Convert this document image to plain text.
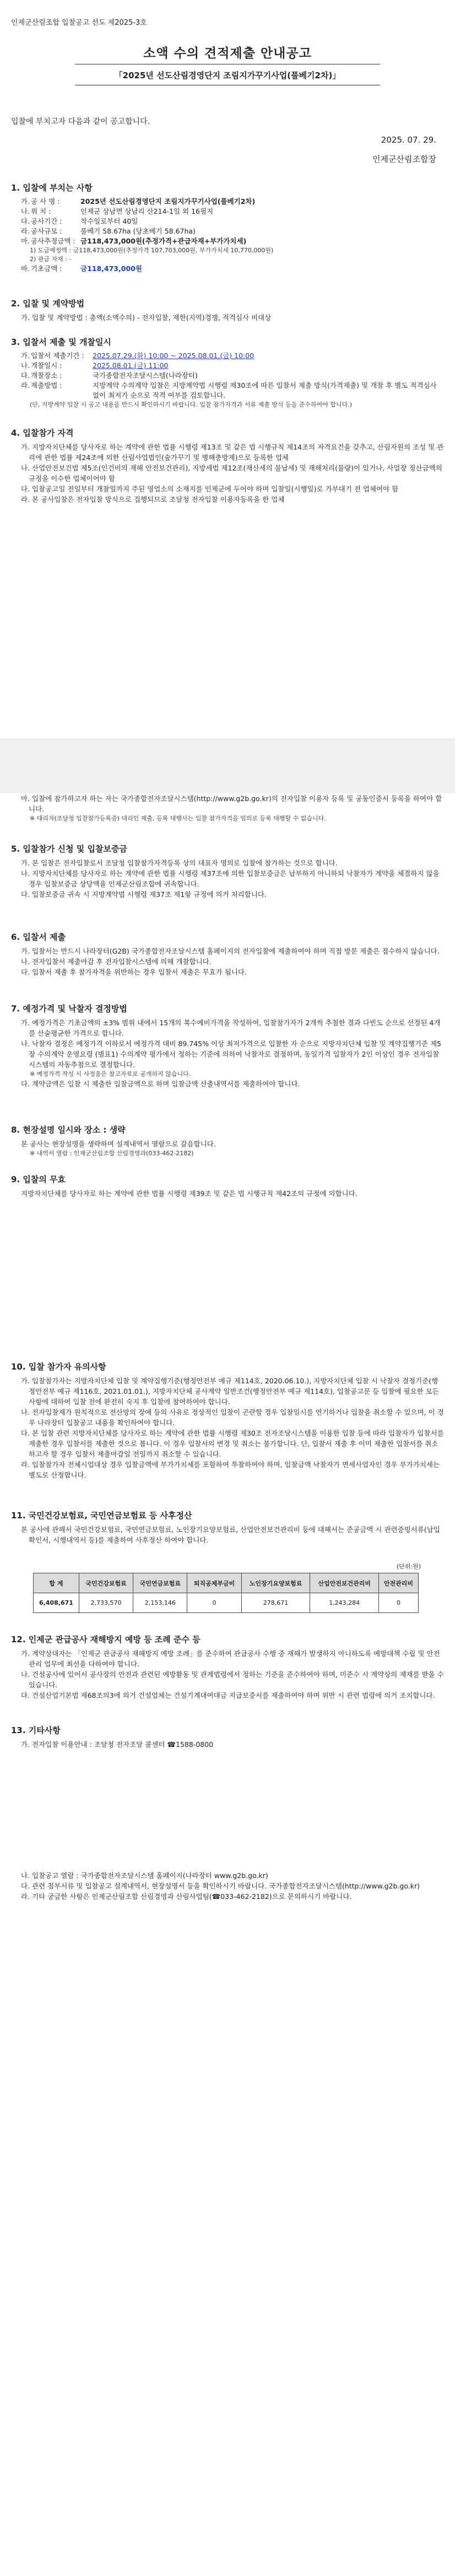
인제군산림조합 입찰공고 선도 제2025-3호
소액 수의 견적제출 안내공고
「2025년 선도산림경영단지 조림지가꾸기사업(풀베기2차)」
입찰에 부치고자 다음과 같이 공고합니다.
2025. 07. 29.
인제군산림조합장
1. 입찰에 부치는 사항
가. 공 사 명 :	2025년 선도산림경영단지 조림지가꾸기사업(풀베기2차)
나. 위 치 :	인제군 상남면 상남리 산214-1일 외 16필지
다. 공사기간 :	착수일로부터 40일
라. 공사규모 :	풀베기 58.67ha (당초베기 58.67ha)
마. 공사추정금액 : 금118,473,000원(추정가격+관급자재+부가가치세)
1) 도급예정액 : 금118,473,000원(추정가격 107,703,000원, 부가가치세 10,770,000원)
2) 관급 자재 : -
바. 기초금액 :	금118,473,000원
2. 입찰 및 계약방법
가. 입찰 및 계약방법 : 총액(소액수의) - 전자입찰, 제한(지역)경쟁, 적격심사 비대상
3. 입찰서 제출 및 개찰일시
가. 입찰서 제출기간 :	2025.07.29.(화) 10:00 ~ 2025.08.01.(금) 10:00
나. 개찰일시 :	2025.08.01.(금) 11:00
다. 개찰장소 :	국가종합전자조달시스템(나라장터)
라. 제출방법 :	지방계약 수의계약 입찰은 지방계약법 시행령 제30조에 따른 입찰서 제출 방식(가격제출) 및 개찰 후 별도 적격심사 없이 최저가 순으로 적격 여부를 검토합니다.
(단, 지방계약 입찰 시 공고 내용을 반드시 확인하시기 바랍니다. 입찰 참가자격과 서류 제출 방식 등을 준수하여야 합니다.)
4. 입찰참가 자격
가. 지방자치단체를 당사자로 하는 계약에 관한 법률 시행령 제13조 및 같은 법 시행규칙 제14조의 자격요건을 갖추고, 산림자원의 조성 및 관리에 관한 법률 제24조에 의한 산림사업법인(숲가꾸기 및 병해충방제)으로 등록한 업체
나. 산업안전보건법 제5조(인건비의 재해 안전보건관리), 지방세법 제12조(재산세의 물납세) 및 재해처리(물량)이 있거나, 사업장 정산금액의 규정을 이수한 업체이어야 함
다. 입찰공고일 전일부터 개찰일까지 주된 영업소의 소재지를 인제군에 두어야 하며 입찰일(시행일)로 가부대기 전 업체여야 함
라. 본 공사입찰은 전자입찰 방식으로 집행되므로 조달청 전자입찰 이용자등록을 한 업체
마. 입찰에 참가하고자 하는 자는 국가종합전자조달시스템(http://www.g2b.go.kr)의 전자입찰 이용자 등록 및 공동인증서 등록을 하여야 합니다.
※ 대리자(조달청 입찰참가등록증) 대리인 제출, 등록 대행사는 입찰 참가자격을 임의로 등록 대행할 수 없습니다.
5. 입찰참가 신청 및 입찰보증금
가. 본 입찰은 전자입찰로서 조달청 입찰참가자격등록 상의 대표자 명의로 입찰에 참가하는 것으로 합니다.
나. 지방자치단체를 당사자로 하는 계약에 관한 법률 시행령 제37조에 의한 입찰보증금은 납부하지 아니하되 낙찰자가 계약을 체결하지 않을 경우 입찰보증금 상당액을 인제군산림조합에 귀속합니다.
다. 입찰보증금 귀속 시 지방계약법 시행령 제37조 제1항 규정에 의거 처리합니다.
6. 입찰서 제출
가. 입찰서는 반드시 나라장터(G2B) 국가종합전자조달시스템 홈페이지의 전자입찰에 제출하여야 하며 직접 방문 제출은 접수하지 않습니다.
나. 전자입찰서 제출마감 후 전자입찰시스템에 의해 개찰합니다.
다. 입찰서 제출 후 참가자격을 위반하는 경우 입찰서 제출은 무효가 됩니다.
7. 예정가격 및 낙찰자 결정방법
가. 예정가격은 기초금액의 ±3% 범위 내에서 15개의 복수예비가격을 작성하여, 입찰참가자가 2개씩 추첨한 결과 다빈도 순으로 선정된 4개를 산술평균한 가격으로 합니다.
나. 낙찰자 결정은 예정가격 이하로서 예정가격 대비 89.745% 이상 최저가격으로 입찰한 자 순으로 지방자치단체 입찰 및 계약집행기준 제5장 수의계약 운영요령 (별표1) 수의계약 평가에서 정하는 기준에 의하여 낙찰자로 결정하며, 동일가격 입찰자가 2인 이상인 경우 전자입찰시스템의 자동추첨으로 결정합니다.
※ 예정가격 작성 시 사정율은 참고자료로 공개하지 않습니다.
다. 계약금액은 입찰 시 제출한 입찰금액으로 하며 입찰금액 산출내역서를 제출하여야 합니다.
8. 현장설명 일시와 장소 : 생략
본 공사는 현장설명을 생략하며 설계내역서 열람으로 갈음합니다.
※ 내역서 열람 : 인제군산림조합 산림경영과(033-462-2182)
9. 입찰의 무효
지방자치단체를 당사자로 하는 계약에 관한 법률 시행령 제39조 및 같은 법 시행규칙 제42조의 규정에 의합니다.
10. 입찰 참가자 유의사항
가. 입찰참가자는 지방자치단체 입찰 및 계약집행기준(행정안전부 예규 제114호, 2020.06.10.), 지방자치단체 입찰 시 낙찰자 결정기준(행정안전부 예규 제116호, 2021.01.01.), 지방자치단체 공사계약 일반조건(행정안전부 예규 제114호), 입찰공고문 등 입찰에 필요한 모든 사항에 대하여 입찰 전에 완전히 숙지 후 입찰에 참여하여야 합니다.
나. 전자입찰제가 원칙적으로 전산망의 장애 등의 사유로 정상적인 입찰이 곤란할 경우 입찰일시를 연기하거나 입찰을 취소할 수 있으며, 이 경우 나라장터 입찰공고 내용을 확인하여야 합니다.
다. 본 입찰 관련 지방자치단체를 당사자로 하는 계약에 관한 법률 시행령 제30조 전자조달시스템을 이용한 입찰 등에 따라 입찰자가 입찰서를 제출한 경우 입찰서를 제출한 것으로 봅니다. 이 경우 입찰서의 변경 및 취소는 불가합니다. 단, 입찰서 제출 후 이미 제출한 입찰서를 취소하고자 할 경우 입찰서 제출마감일 전일까지 취소할 수 있습니다.
라. 입찰참가자 전체시업대상 경우 입찰금액에 부가가치세를 포함하여 투찰하여야 하며, 입찰금액 낙찰자가 면세사업자인 경우 부가가치세는 별도로 산정합니다.
11. 국민건강보험료, 국민연금보험료 등 사후정산
본 공사에 관해서 국민건강보험료, 국민연금보험료, 노인장기요양보험료, 산업안전보건관리비 등에 대해서는 준공금액 시 관련증빙서류(납입확인서, 시행내역서 등)를 제출하여 사후정산 하여야 합니다.
(단위:원)
합 계	국민건강보험료	국민연금보험료	퇴직공제부금비	노인장기요양보험료	산업안전보건관리비	안전관리비
6,408,671	2,733,570	2,153,146	0	278,671	1,243,284	0
12. 인제군 관급공사 재해방지 예방 등 조례 준수 등
가. 계약상대자는 「인제군 관급공사 재해방지 예방 조례」를 준수하여 관급공사 수행 중 재해가 발생하지 아니하도록 예방대책 수립 및 안전관리 업무에 최선을 다하여야 합니다.
나. 건설공사에 있어서 공사장의 안전과 관련된 예방활동 및 관계법령에서 정하는 기준을 준수하여야 하며, 미준수 시 계약상의 제재를 받을 수 있습니다.
다. 건설산업기본법 제68조의3에 의거 건설업체는 건설기계대여대금 지급보증서를 제출하여야 하며 위반 시 관련 법령에 의거 조치합니다.
13. 기타사항
가. 전자입찰 이용안내 : 조달청 전자조달 콜센터 ☎1588-0800
나. 입찰공고 열람 : 국가종합전자조달시스템 홈페이지(나라장터 www.g2b.go.kr)
다. 관련 첨부서류 및 입찰공고 설계내역서, 현장설명서 등을 확인하시기 바랍니다. 국가종합전자조달시스템(http://www.g2b.go.kr)
라. 기타 궁금한 사항은 인제군산림조합 산림경영과 산림사업팀(☎033-462-2182)으로 문의하시기 바랍니다.
